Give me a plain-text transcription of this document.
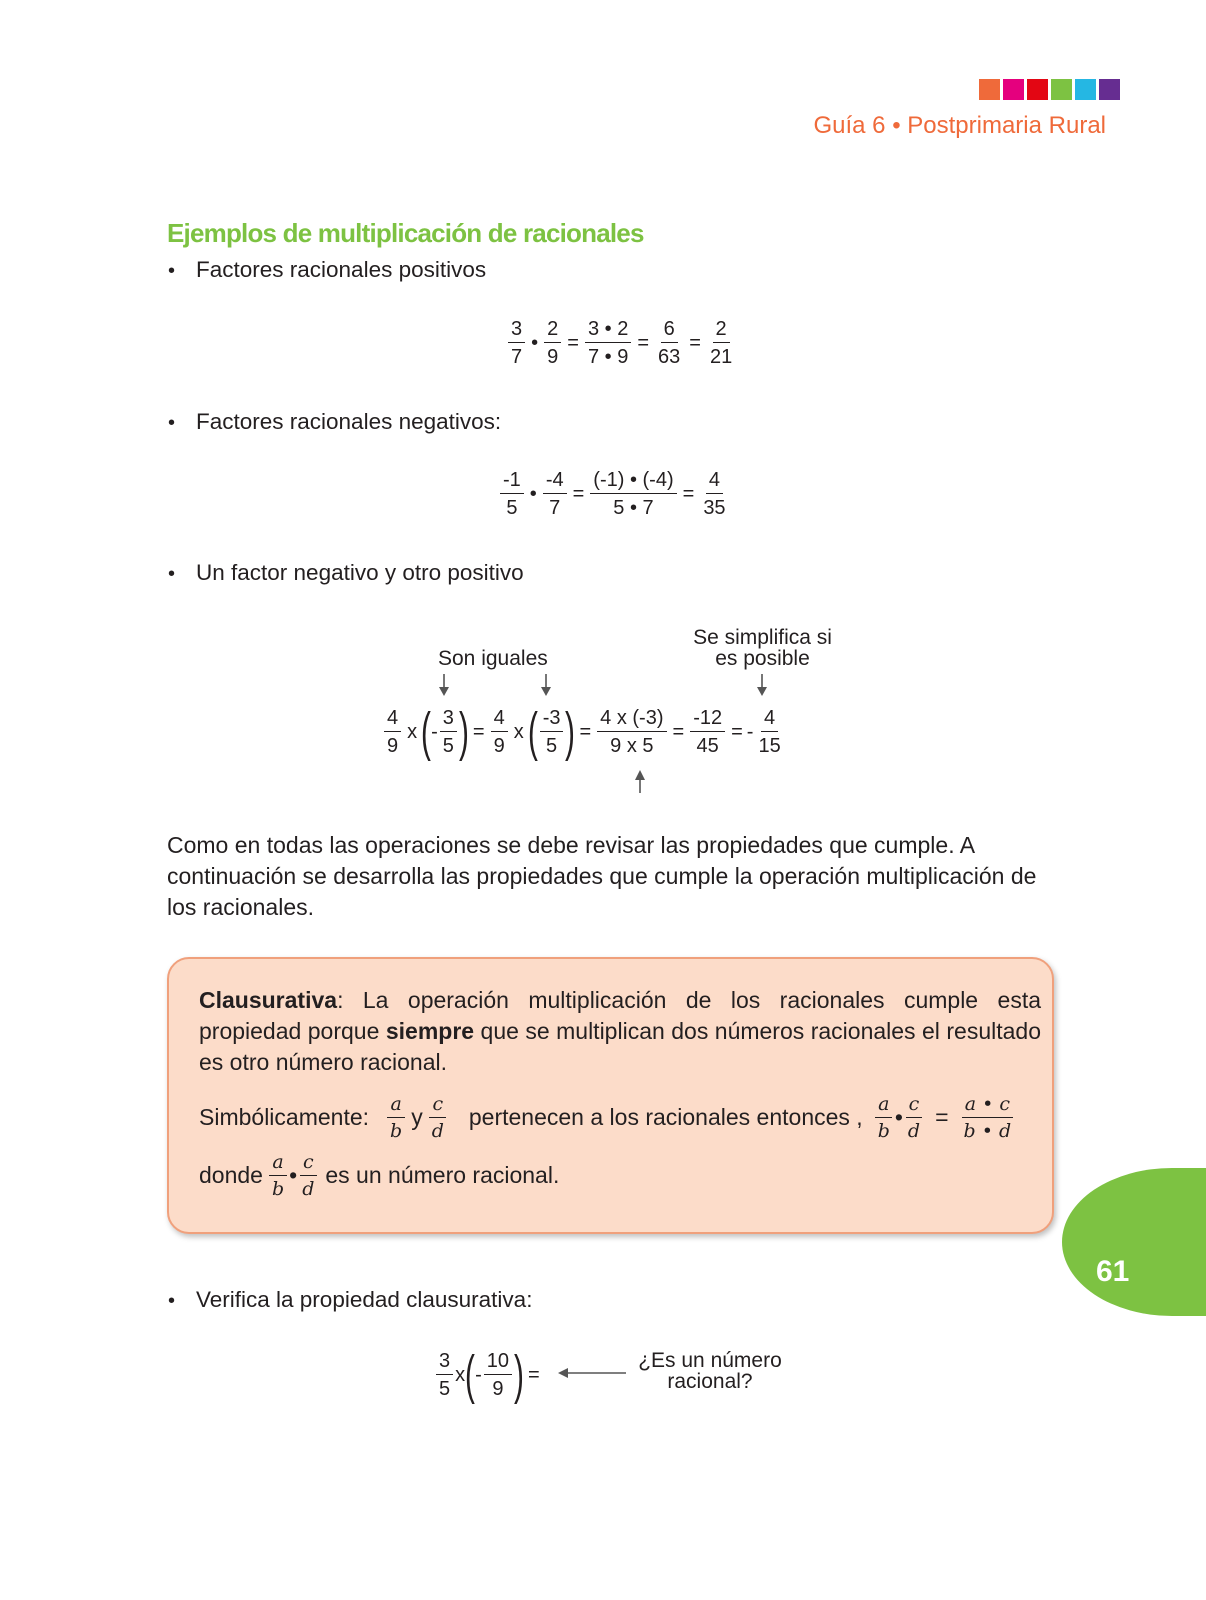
Guía 6 • Postprimaria Rural
Ejemplos de multiplicación de racionales
• Factores racionales positivos
$\frac{3}{7}$ • $\frac{2}{9} = \frac{3 • 2}{7 • 9} = \frac{6}{63} = \frac{2}{21}$
• Factores racionales negativos:
$\frac{-1}{5}$ • $\frac{-4}{7} = \frac{(-1) • (-4)}{5 • 7} = \frac{4}{35}$
• Un factor negativo y otro positivo
Son iguales
Se simplifica si es posible
$\frac{4}{9}$ x ( - $\frac{3}{5}$ ) = $\frac{4}{9}$ x ( $\frac{-3}{5}$ ) = $\frac{4 x (-3)}{9 x 5} = \frac{-12}{45}$ = - $\frac{4}{15}$
Como en todas las operaciones se debe revisar las propiedades que cumple. A continuación se desarrolla las propiedades que cumple la operación multiplicación de los racionales.
Clausurativa: La operación multiplicación de los racionales cumple esta propiedad porque siempre que se multiplican dos números racionales el resultado es otro número racional.
Simbólicamente: $\frac{a}{b}$ y $\frac{c}{d}$ pertenecen a los racionales entonces , $\frac{a}{b}$ • $\frac{c}{d} = \frac{a • c}{b • d}$
donde $\frac{a}{b}$ • $\frac{c}{d}$ es un número racional.
61
• Verifica la propiedad clausurativa:
$\frac{3}{5}$ x ( - $\frac{10}{9}$ ) =
¿Es un número racional?
